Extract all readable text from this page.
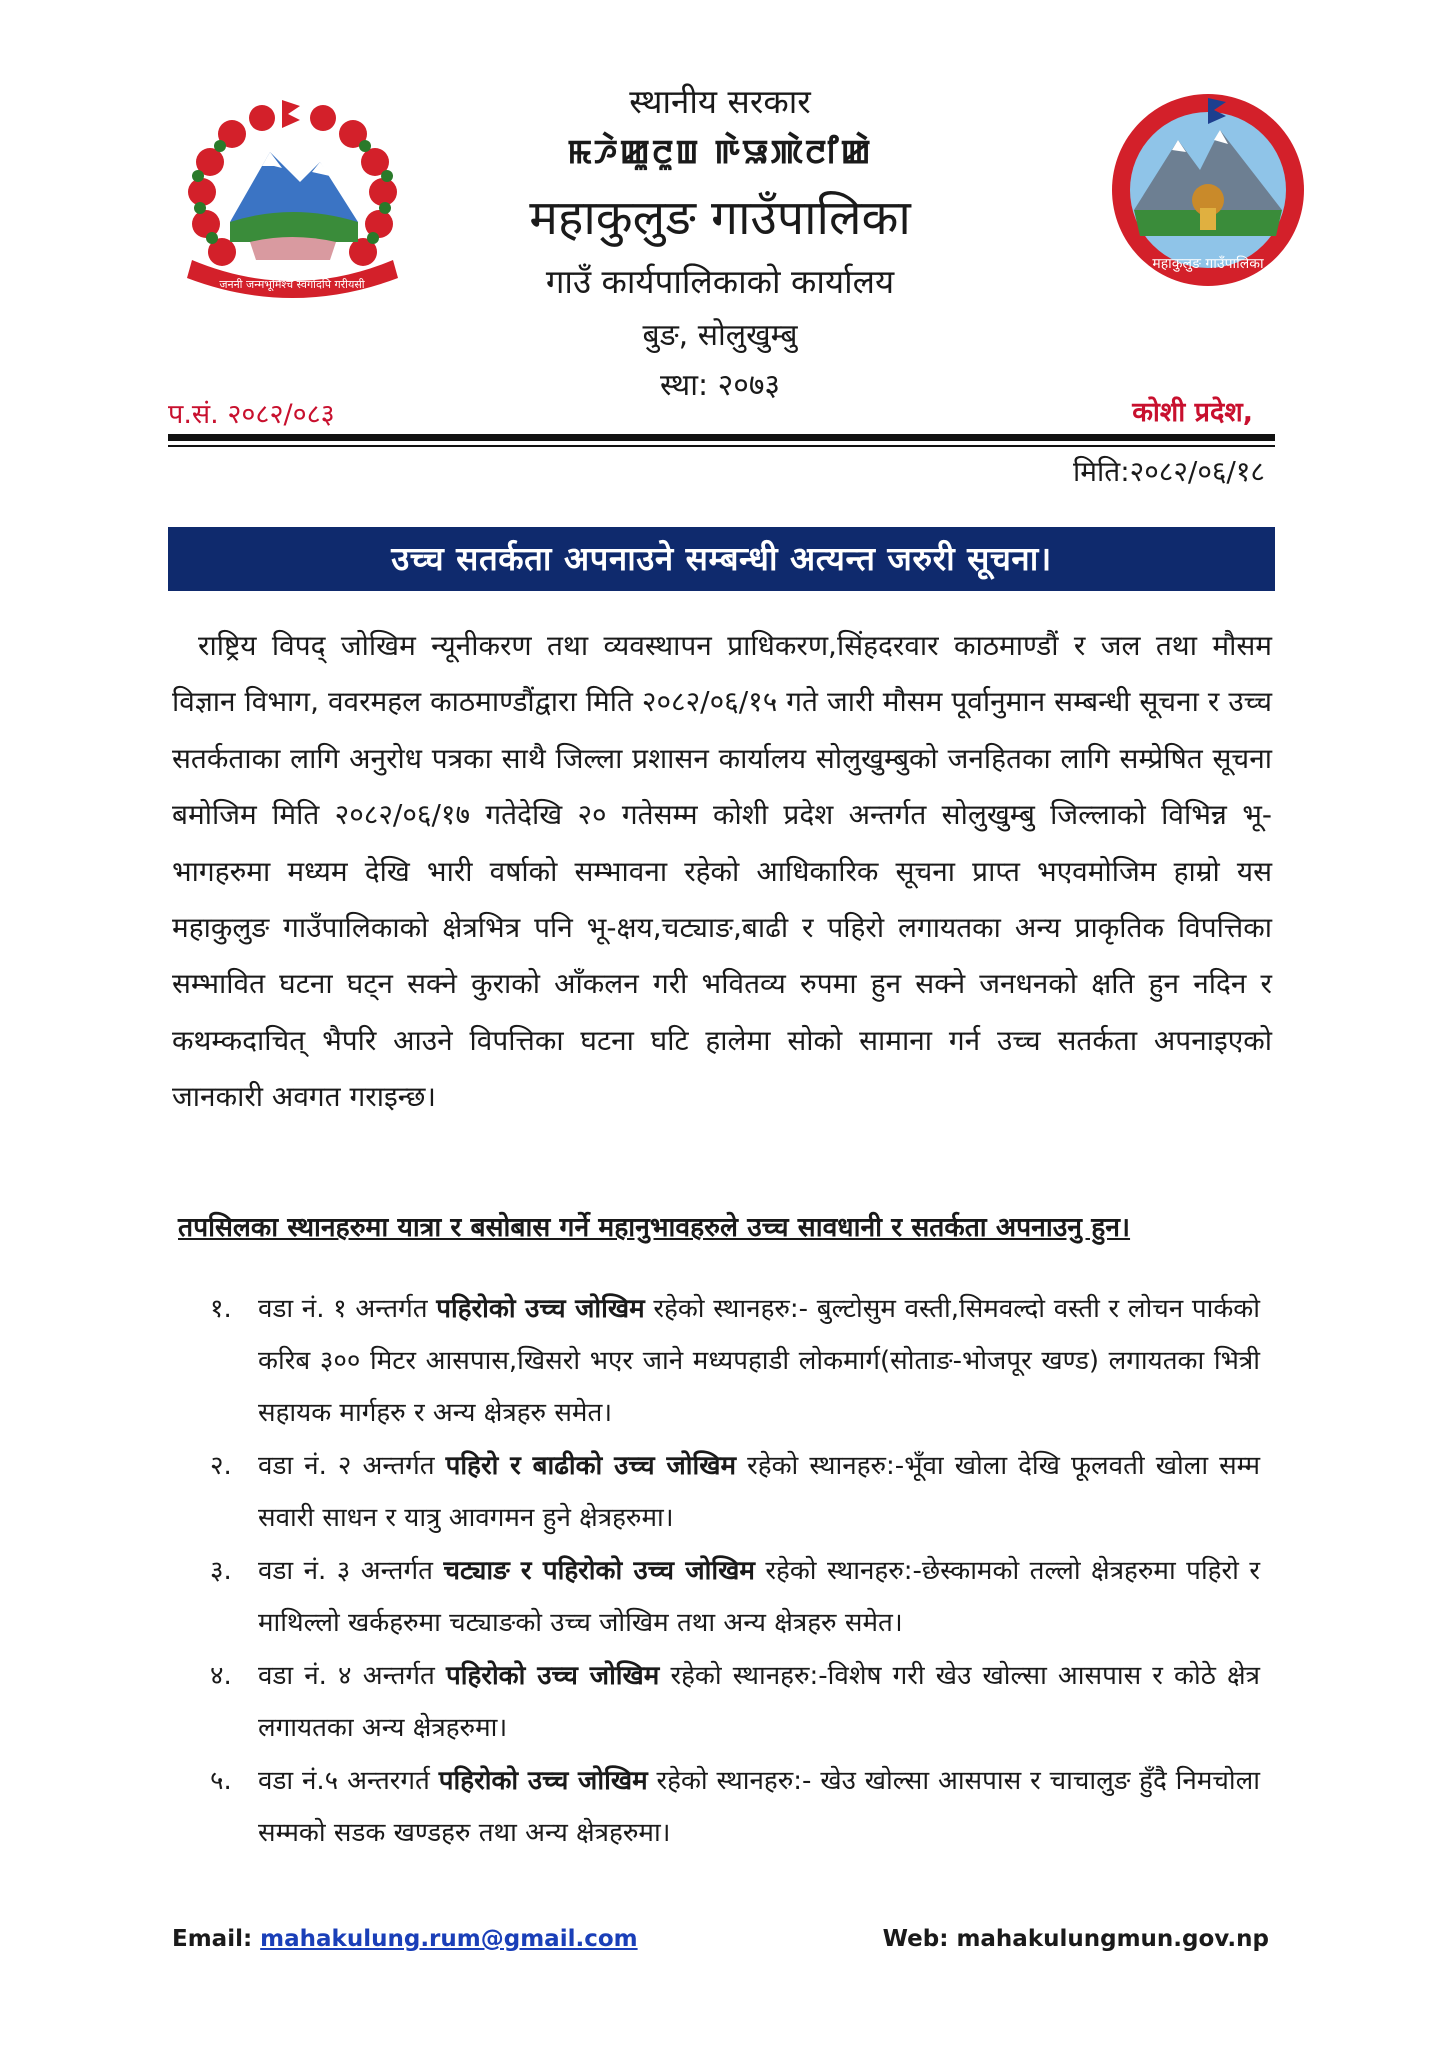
जननी जन्मभूमिश्च स्वर्गादपि गरीयसी
स्थानीय सरकार
ꯃꯍꯥꯀꯨꯂꯨꯡ ꯒꯥꯎꯄꯥꯂꯤꯀꯥ
महाकुलुङ गाउँपालिका
गाउँ कार्यपालिकाको कार्यालय
बुङ, सोलुखुम्बु
स्था: २०७३
महाकुलुङ गाउँपालिका
प.सं. २०८२/०८३	कोशी प्रदेश,
मिति:२०८२/०६/१८
उच्च सतर्कता अपनाउने सम्बन्धी अत्यन्त जरुरी सूचना।
राष्ट्रिय विपद् जोखिम न्यूनीकरण तथा व्यवस्थापन प्राधिकरण,सिंहदरवार काठमाण्डौं र जल तथा मौसम विज्ञान विभाग, ववरमहल काठमाण्डौंद्वारा मिति २०८२/०६/१५ गते जारी मौसम पूर्वानुमान सम्बन्धी सूचना र उच्च सतर्कताका लागि अनुरोध पत्रका साथै जिल्ला प्रशासन कार्यालय सोलुखुम्बुको जनहितका लागि सम्प्रेषित सूचना बमोजिम मिति २०८२/०६/१७ गतेदेखि २० गतेसम्म कोशी प्रदेश अन्तर्गत सोलुखुम्बु जिल्लाको विभिन्न भू-भागहरुमा मध्यम देखि भारी वर्षाको सम्भावना रहेको आधिकारिक सूचना प्राप्त भएवमोजिम हाम्रो यस महाकुलुङ गाउँपालिकाको क्षेत्रभित्र पनि भू-क्षय,चट्याङ,बाढी र पहिरो लगायतका अन्य प्राकृतिक विपत्तिका सम्भावित घटना घट्न सक्ने कुराको आँकलन गरी भवितव्य रुपमा हुन सक्ने जनधनको क्षति हुन नदिन र कथम्कदाचित् भैपरि आउने विपत्तिका घटना घटि हालेमा सोको सामाना गर्न उच्च सतर्कता अपनाइएको जानकारी अवगत गराइन्छ।
तपसिलका स्थानहरुमा यात्रा र बसोबास गर्ने महानुभावहरुले उच्च सावधानी र सतर्कता अपनाउनु हुन।
१. वडा नं. १ अन्तर्गत पहिरोको उच्च जोखिम रहेको स्थानहरु:- बुल्टोसुम वस्ती,सिमवल्दो वस्ती र लोचन पार्कको करिब ३०० मिटर आसपास,खिसरो भएर जाने मध्यपहाडी लोकमार्ग(सोताङ-भोजपूर खण्ड) लगायतका भित्री सहायक मार्गहरु र अन्य क्षेत्रहरु समेत।
२. वडा नं. २ अन्तर्गत पहिरो र बाढीको उच्च जोखिम रहेको स्थानहरु:-भूँवा खोला देखि फूलवती खोला सम्म सवारी साधन र यात्रु आवगमन हुने क्षेत्रहरुमा।
३. वडा नं. ३ अन्तर्गत चट्याङ र पहिरोको उच्च जोखिम रहेको स्थानहरु:-छेस्कामको तल्लो क्षेत्रहरुमा पहिरो र माथिल्लो खर्कहरुमा चट्याङको उच्च जोखिम तथा अन्य क्षेत्रहरु समेत।
४. वडा नं. ४ अन्तर्गत पहिरोको उच्च जोखिम रहेको स्थानहरु:-विशेष गरी खेउ खोल्सा आसपास र कोठे क्षेत्र लगायतका अन्य क्षेत्रहरुमा।
५. वडा नं.५ अन्तरगर्त पहिरोको उच्च जोखिम रहेको स्थानहरु:- खेउ खोल्सा आसपास र चाचालुङ हुँदै निमचोला सम्मको सडक खण्डहरु तथा अन्य क्षेत्रहरुमा।
Email: mahakulung.rum@gmail.com	Web: mahakulungmun.gov.np
